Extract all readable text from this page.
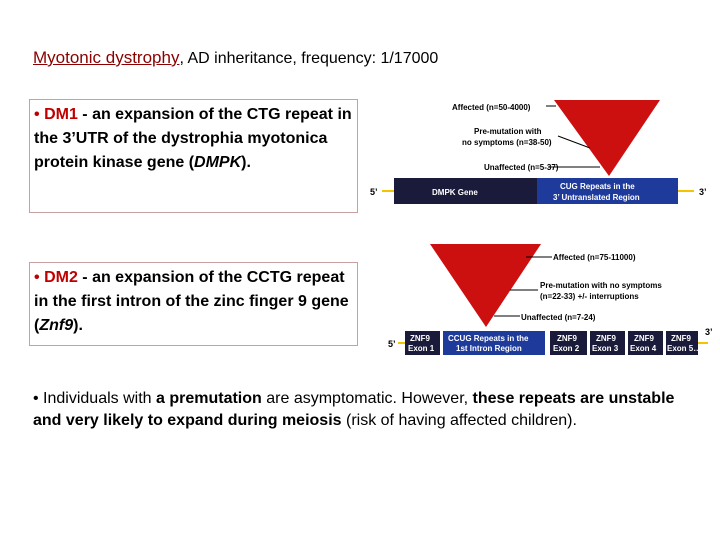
Myotonic dystrophy, AD inheritance, frequency: 1/17000
• DM1 - an expansion of the CTG repeat in the 3’UTR of the dystrophia myotonica protein kinase gene (DMPK).
• DM2 - an expansion of the CCTG repeat in the first intron of the zinc finger 9 gene (Znf9).
• Individuals with a premutation are asymptomatic. However, these repeats are unstable and very likely to expand during meiosis (risk of having affected children).
Affected (n=50-4000)
Pre-mutation with
no symptoms (n=38-50)
Unaffected (n=5-37)
5’	3’
DMPK Gene
CUG Repeats in the
3’ Untranslated Region
Affected (n=75-11000)
Pre-mutation with no symptoms
(n=22-33) +/- interruptions
Unaffected (n=7-24)
5’
3’
ZNF9
Exon 1
CCUG Repeats in the
1st Intron Region
ZNF9
Exon 2
ZNF9
Exon 3
ZNF9
Exon 4
ZNF9
Exon 5…
